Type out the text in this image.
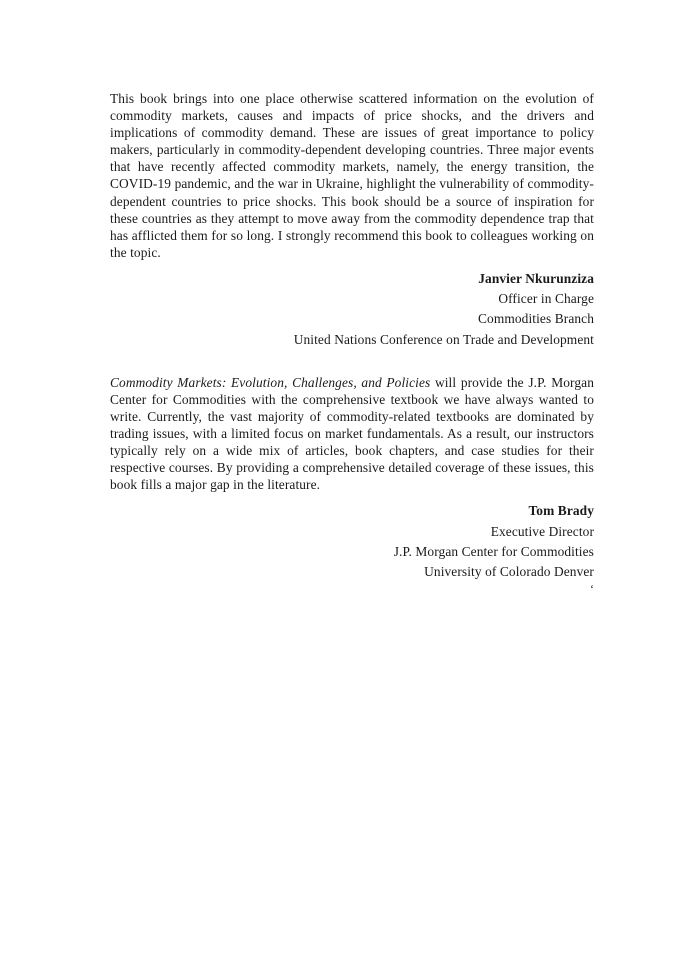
This book brings into one place otherwise scattered information on the evolution of commodity markets, causes and impacts of price shocks, and the drivers and implications of commodity demand. These are issues of great importance to policy makers, particularly in commodity-dependent developing countries. Three major events that have recently affected commodity markets, namely, the energy transition, the COVID-19 pandemic, and the war in Ukraine, highlight the vulnerability of commodity-dependent countries to price shocks. This book should be a source of inspiration for these countries as they attempt to move away from the commodity dependence trap that has afflicted them for so long. I strongly recommend this book to colleagues working on the topic.

Janvier Nkurunziza
Officer in Charge
Commodities Branch
United Nations Conference on Trade and Development

Commodity Markets: Evolution, Challenges, and Policies will provide the J.P. Morgan Center for Commodities with the comprehensive textbook we have always wanted to write. Currently, the vast majority of commodity-related textbooks are dominated by trading issues, with a limited focus on market fundamentals. As a result, our instructors typically rely on a wide mix of articles, book chapters, and case studies for their respective courses. By providing a comprehensive detailed coverage of these issues, this book fills a major gap in the literature.

Tom Brady
Executive Director
J.P. Morgan Center for Commodities
University of Colorado Denver
‘
